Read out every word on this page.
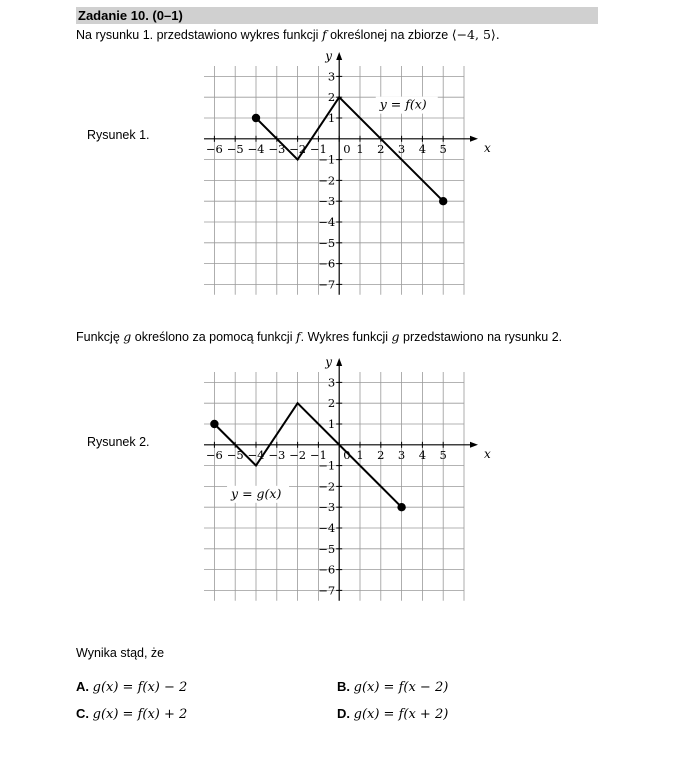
Zadanie 10. (0–1)
Na rysunku 1. przedstawiono wykres funkcji f określonej na zbiorze ⟨−4, 5⟩.
Rysunek 1.
x
y
−6 −5 −4 −3 −2 −1 0 1 2 3 4 5
3
2
1
−1
−2
−3
−4
−5
−6
−7
y = f(x)
Funkcję g określono za pomocą funkcji f. Wykres funkcji g przedstawiono na rysunku 2.
Rysunek 2.
x
y
−6 −5 −4 −3 −2 −1 0 1 2 3 4 5
3
2
1
−1
−2
−3
−4
−5
−6
−7
y = g(x)
Wynika stąd, że
A. g(x) = f(x) − 2	B. g(x) = f(x − 2)
C. g(x) = f(x) + 2	D. g(x) = f(x + 2)
